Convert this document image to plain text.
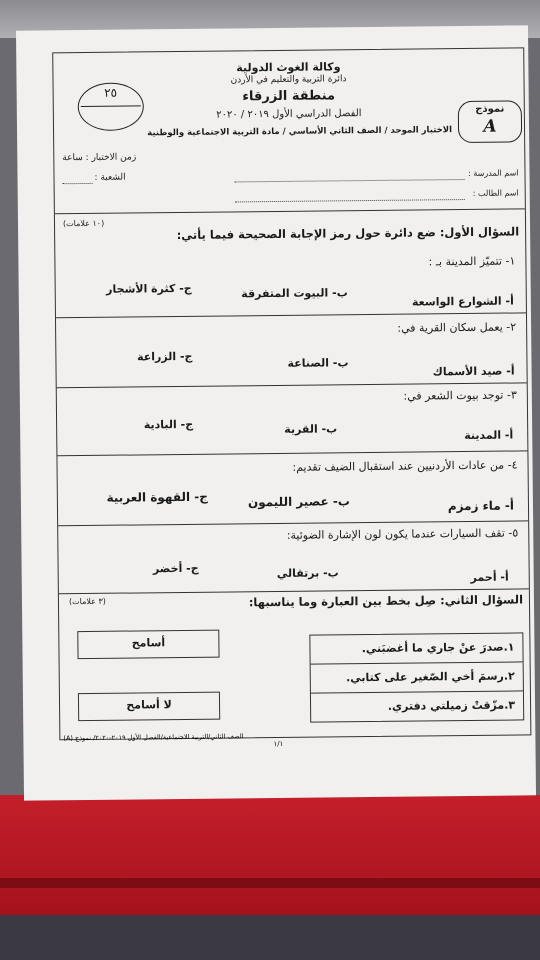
وكالة الغوث الدولية
دائرة التربية والتعليم في الأردن
منطقة الزرقاء
الفصل الدراسي الأول ٢٠١٩ / ٢٠٢٠
الاختبار الموحد / الصف الثاني الأساسي / مادة التربية الاجتماعية والوطنية
٢٥
نموذج
A
زمن الاختبار : ساعة
الشعبة :	اسم المدرسة :
اسم الطالب :
(١٠ علامات)
السؤال الأول: ضع دائرة حول رمز الإجابة الصحيحة فيما يأتي:
١- تتميّز المدينة بـ :
أ- الشوارع الواسعة
ب- البيوت المتفرقة
ج- كثرة الأشجار
٢- يعمل سكان القرية في:
أ- صيد الأسماك
ب- الصناعة
ج- الزراعة
٣- توجد بيوت الشعر في:
أ- المدينة
ب- القرية
ج- البادية
٤- من عادات الأردنيين عند استقبال الضيف تقديم:
أ- ماء زمزم
ب- عصير الليمون
ج- القهوة العربية
٥- تقف السيارات عندما يكون لون الإشارة الضوئية:
أ- أحمر
ب- برتقالي
ج- أخضر
(٣ علامات)	السؤال الثاني: صِل بخط بين العبارة وما يناسبها:
١.صدرَ عنْ جاري ما أغضبَني.
٢.رسمَ أخي الصّغير على كتابي.
٣.مزّقتْ زميلتي دفتري.
أسامح
لا أسامح
١/١
الصف الثاني/التربية الاجتماعية/الفصل الأول ٢٠١٩-٢٠٢٠/ نموذج (A)
